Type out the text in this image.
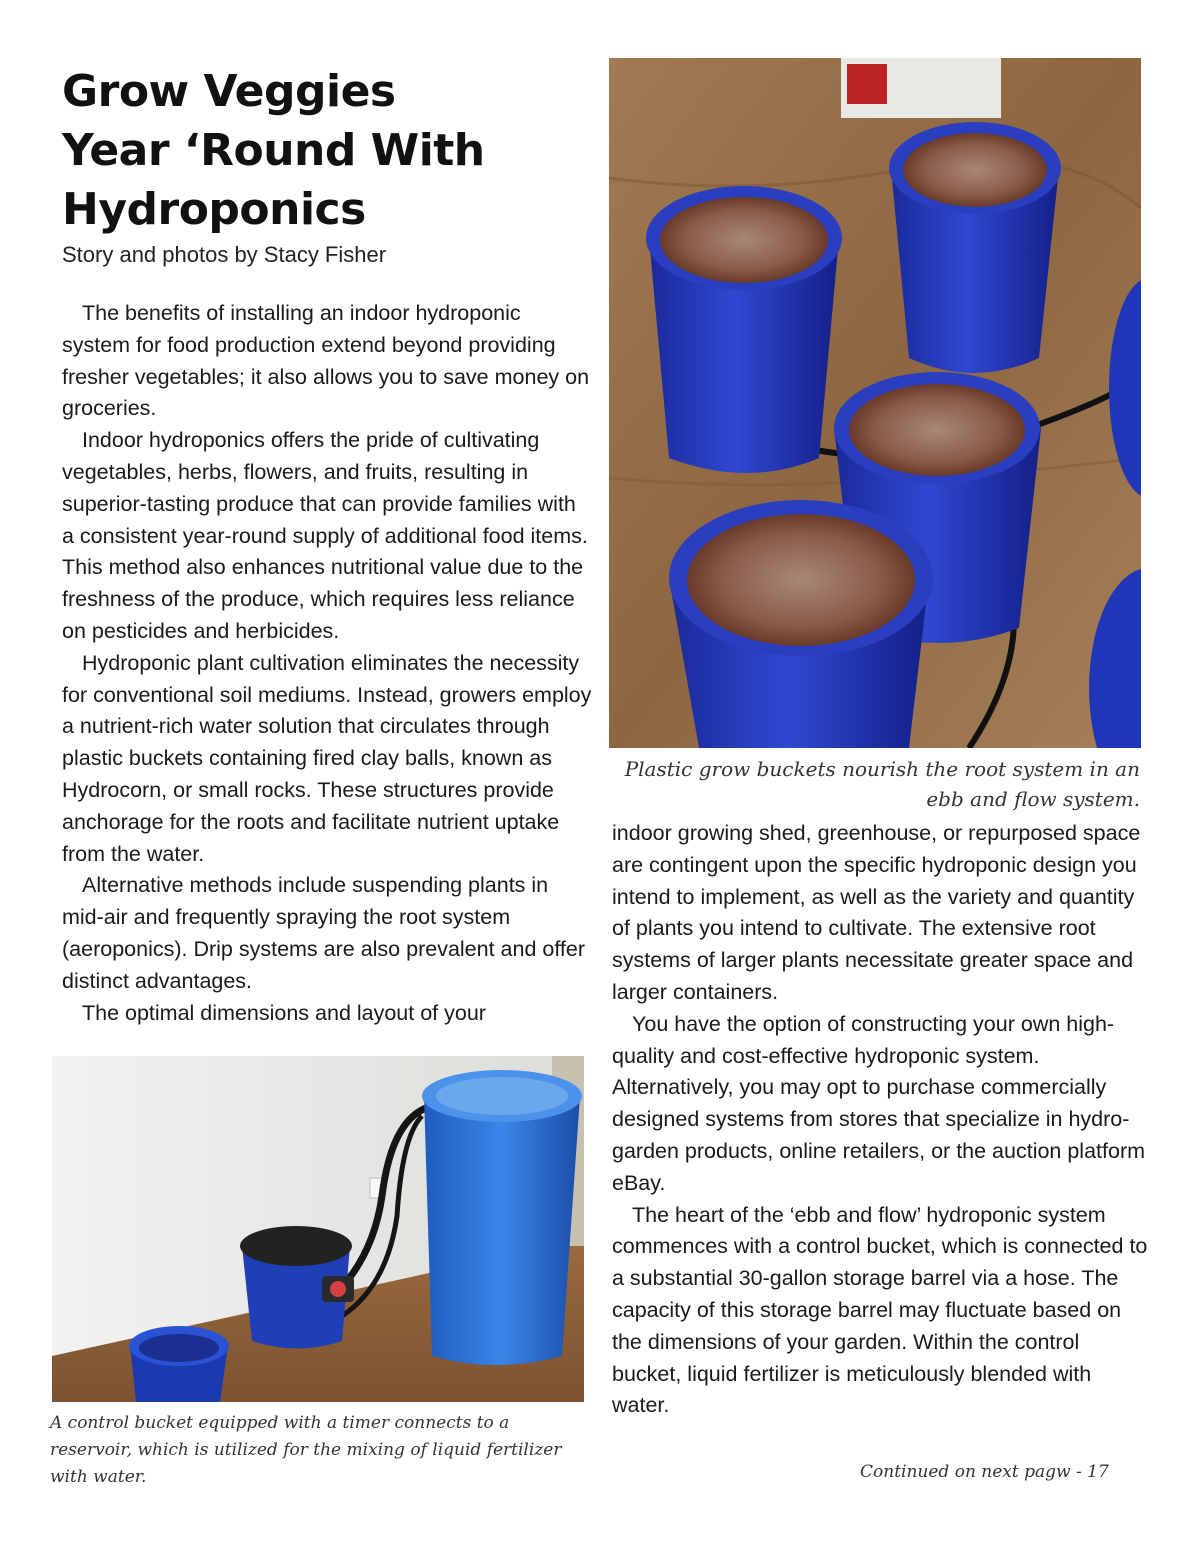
Grow Veggies
Year ‘Round With
Hydroponics
Story and photos by Stacy Fisher

The benefits of installing an indoor hydroponic system for food production extend beyond providing fresher vegetables; it also allows you to save money on groceries.

Indoor hydroponics offers the pride of cultivating vegetables, herbs, flowers, and fruits, resulting in superior-tasting produce that can provide families with a consistent year-round supply of additional food items. This method also enhances nutritional value due to the freshness of the produce, which requires less reliance on pesticides and herbicides.

Hydroponic plant cultivation eliminates the necessity for conventional soil mediums. Instead, growers employ a nutrient-rich water solution that circulates through plastic buckets containing fired clay balls, known as Hydrocorn, or small rocks. These structures provide anchorage for the roots and facilitate nutrient uptake from the water.

Alternative methods include suspending plants in mid-air and frequently spraying the root system (aeroponics). Drip systems are also prevalent and offer distinct advantages.

The optimal dimensions and layout of your

Plastic grow buckets nourish the root system in an ebb and flow system.

indoor growing shed, greenhouse, or repurposed space are contingent upon the specific hydroponic design you intend to implement, as well as the variety and quantity of plants you intend to cultivate. The extensive root systems of larger plants necessitate greater space and larger containers.

You have the option of constructing your own high-quality and cost-effective hydroponic system. Alternatively, you may opt to purchase commercially designed systems from stores that specialize in hydro-garden products, online retailers, or the auction platform eBay.

The heart of the ‘ebb and flow’ hydroponic system commences with a control bucket, which is connected to a substantial 30-gallon storage barrel via a hose. The capacity of this storage barrel may fluctuate based on the dimensions of your garden. Within the control bucket, liquid fertilizer is meticulously blended with water.

A control bucket equipped with a timer connects to a reservoir, which is utilized for the mixing of liquid fertilizer with water.	Continued on next pagw - 17
